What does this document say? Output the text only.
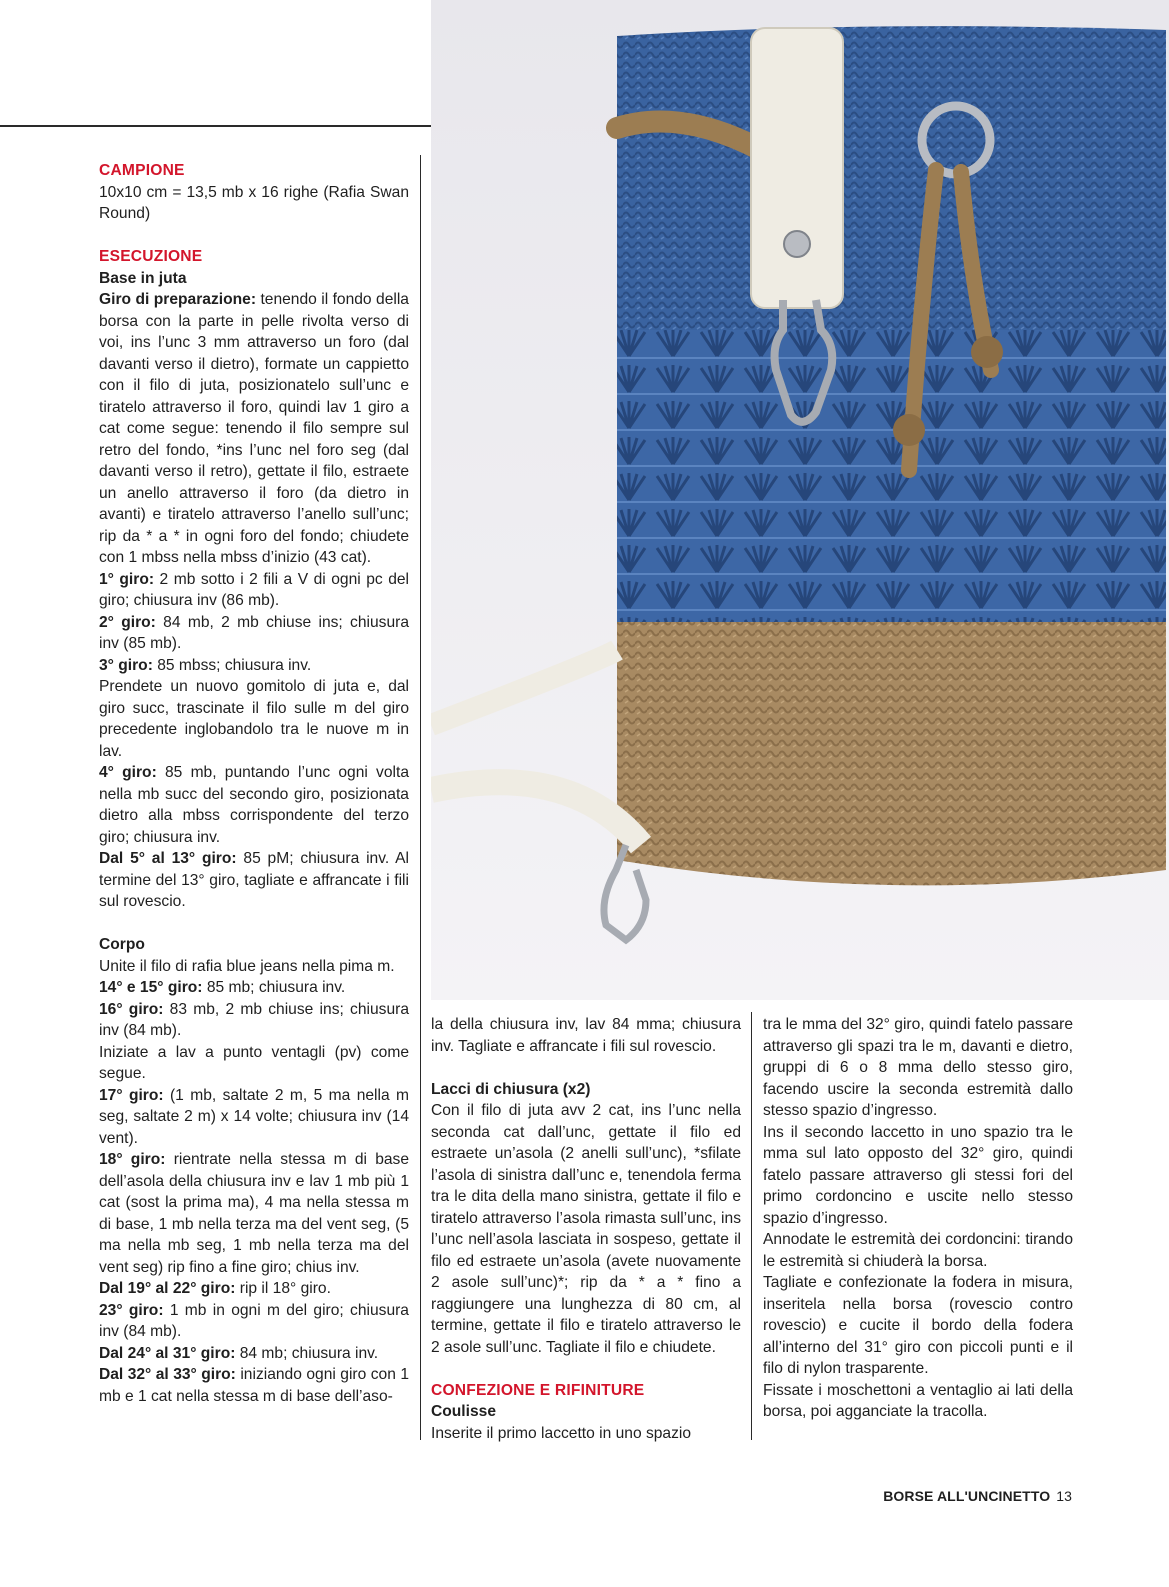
CAMPIONE

10x10 cm = 13,5 mb x 16 righe (Rafia Swan Round)

ESECUZIONE

Base in juta

Giro di preparazione: tenendo il fondo della borsa con la parte in pelle rivolta verso di voi, ins l’unc 3 mm attraverso un foro (dal davanti verso il dietro), formate un cappietto con il filo di juta, posizionatelo sull’unc e tiratelo attraverso il foro, quindi lav 1 giro a cat come segue: tenendo il filo sempre sul retro del fondo, *ins l’unc nel foro seg (dal davanti verso il retro), gettate il filo, estraete un anello attraverso il foro (da dietro in avanti) e tiratelo attraverso l’anello sull’unc; rip da * a * in ogni foro del fondo; chiudete con 1 mbss nella mbss d’inizio (43 cat).

1° giro: 2 mb sotto i 2 fili a V di ogni pc del giro; chiusura inv (86 mb).

2° giro: 84 mb, 2 mb chiuse ins; chiusura inv (85 mb).

3° giro: 85 mbss; chiusura inv.

Prendete un nuovo gomitolo di juta e, dal giro succ, trascinate il filo sulle m del giro precedente inglobandolo tra le nuove m in lav.

4° giro: 85 mb, puntando l’unc ogni volta nella mb succ del secondo giro, posizionata dietro alla mbss corrispondente del terzo giro; chiusura inv.

Dal 5° al 13° giro: 85 pM; chiusura inv. Al termine del 13° giro, tagliate e affrancate i fili sul rovescio.

Corpo

Unite il filo di rafia blue jeans nella pima m.

14° e 15° giro: 85 mb; chiusura inv.

16° giro: 83 mb, 2 mb chiuse ins; chiusura inv (84 mb).

Iniziate a lav a punto ventagli (pv) come segue.

17° giro: (1 mb, saltate 2 m, 5 ma nella m seg, saltate 2 m) x 14 volte; chiusura inv (14 vent).

18° giro: rientrate nella stessa m di base dell’asola della chiusura inv e lav 1 mb più 1 cat (sost la prima ma), 4 ma nella stessa m di base, 1 mb nella terza ma del vent seg, (5 ma nella mb seg, 1 mb nella terza ma del vent seg) rip fino a fine giro; chius inv.

Dal 19° al 22° giro: rip il 18° giro.

23° giro: 1 mb in ogni m del giro; chiusura inv (84 mb).

Dal 24° al 31° giro: 84 mb; chiusura inv.

Dal 32° al 33° giro: iniziando ogni giro con 1 mb e 1 cat nella stessa m di base dell’aso-

la della chiusura inv, lav 84 mma; chiusura inv. Tagliate e affrancate i fili sul rovescio.

Lacci di chiusura (x2)

Con il filo di juta avv 2 cat, ins l’unc nella seconda cat dall’unc, gettate il filo ed estraete un’asola (2 anelli sull’unc), *sfilate l’asola di sinistra dall’unc e, tenendola ferma tra le dita della mano sinistra, gettate il filo e tiratelo attraverso l’asola rimasta sull’unc, ins l’unc nell’asola lasciata in sospeso, gettate il filo ed estraete un’asola (avete nuovamente 2 asole sull’unc)*; rip da * a * fino a raggiungere una lunghezza di 80 cm, al termine, gettate il filo e tiratelo attraverso le 2 asole sull’unc. Tagliate il filo e chiudete.

CONFEZIONE E RIFINITURE

Coulisse

Inserite il primo laccetto in uno spazio

tra le mma del 32° giro, quindi fatelo passare attraverso gli spazi tra le m, davanti e dietro, gruppi di 6 o 8 mma dello stesso giro, facendo uscire la seconda estremità dallo stesso spazio d’ingresso.

Ins il secondo laccetto in uno spazio tra le mma sul lato opposto del 32° giro, quindi fatelo passare attraverso gli stessi fori del primo cordoncino e uscite nello stesso spazio d’ingresso.

Annodate le estremità dei cordoncini: tirando le estremità si chiuderà la borsa.

Tagliate e confezionate la fodera in misura, inseritela nella borsa (rovescio contro rovescio) e cucite il bordo della fodera all’interno del 31° giro con piccoli punti e il filo di nylon trasparente.

Fissate i moschettoni a ventaglio ai lati della borsa, poi agganciate la tracolla.

BORSE ALL'UNCINETTO 13
